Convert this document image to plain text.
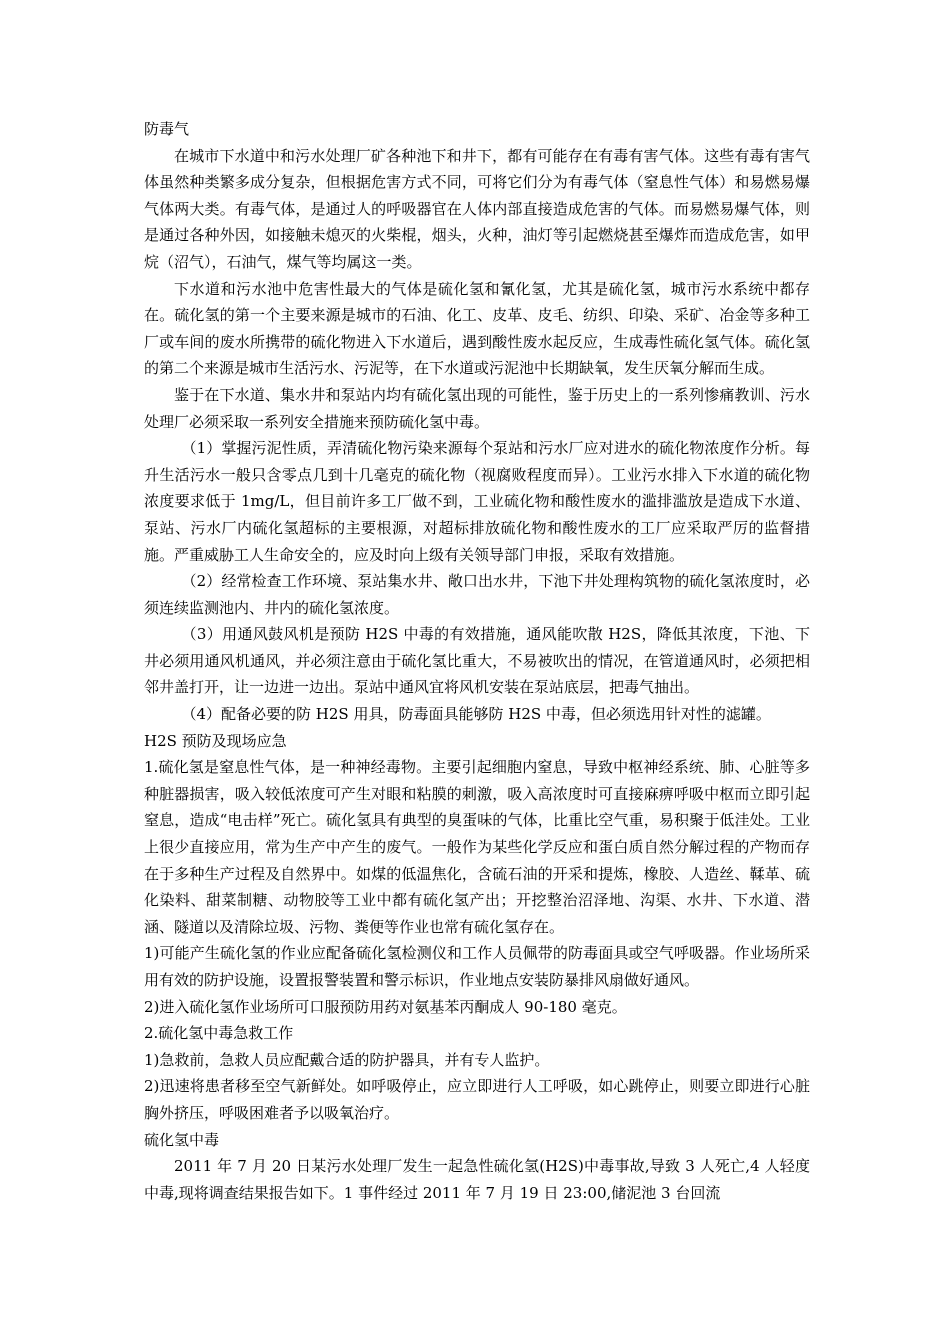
防毒气

在城市下水道中和污水处理厂矿各种池下和井下，都有可能存在有毒有害气体。这些有毒有害气体虽然种类繁多成分复杂，但根据危害方式不同，可将它们分为有毒气体（窒息性气体）和易燃易爆气体两大类。有毒气体，是通过人的呼吸器官在人体内部直接造成危害的气体。而易燃易爆气体，则是通过各种外因，如接触未熄灭的火柴棍，烟头，火种，油灯等引起燃烧甚至爆炸而造成危害，如甲烷（沼气），石油气，煤气等均属这一类。

下水道和污水池中危害性最大的气体是硫化氢和氰化氢，尤其是硫化氢，城市污水系统中都存在。硫化氢的第一个主要来源是城市的石油、化工、皮革、皮毛、纺织、印染、采矿、冶金等多种工厂或车间的废水所携带的硫化物进入下水道后，遇到酸性废水起反应，生成毒性硫化氢气体。硫化氢的第二个来源是城市生活污水、污泥等，在下水道或污泥池中长期缺氧，发生厌氧分解而生成。

鉴于在下水道、集水井和泵站内均有硫化氢出现的可能性，鉴于历史上的一系列惨痛教训、污水处理厂必须采取一系列安全措施来预防硫化氢中毒。

（1）掌握污泥性质，弄清硫化物污染来源每个泵站和污水厂应对进水的硫化物浓度作分析。每升生活污水一般只含零点几到十几毫克的硫化物（视腐败程度而异）。工业污水排入下水道的硫化物浓度要求低于 1mg/L，但目前许多工厂做不到，工业硫化物和酸性废水的滥排滥放是造成下水道、泵站、污水厂内硫化氢超标的主要根源，对超标排放硫化物和酸性废水的工厂应采取严厉的监督措施。严重威胁工人生命安全的，应及时向上级有关领导部门申报，采取有效措施。

（2）经常检查工作环境、泵站集水井、敞口出水井，下池下井处理构筑物的硫化氢浓度时，必须连续监测池内、井内的硫化氢浓度。

（3）用通风鼓风机是预防 H2S 中毒的有效措施，通风能吹散 H2S，降低其浓度，下池、下井必须用通风机通风，并必须注意由于硫化氢比重大，不易被吹出的情况，在管道通风时，必须把相邻井盖打开，让一边进一边出。泵站中通风宜将风机安装在泵站底层，把毒气抽出。

（4）配备必要的防 H2S 用具，防毒面具能够防 H2S 中毒，但必须选用针对性的滤罐。

H2S 预防及现场应急

1.硫化氢是窒息性气体，是一种神经毒物。主要引起细胞内窒息，导致中枢神经系统、肺、心脏等多种脏器损害，吸入较低浓度可产生对眼和粘膜的刺激，吸入高浓度时可直接麻痹呼吸中枢而立即引起窒息，造成“电击样”死亡。硫化氢具有典型的臭蛋味的气体，比重比空气重，易积聚于低洼处。工业上很少直接应用，常为生产中产生的废气。一般作为某些化学反应和蛋白质自然分解过程的产物而存在于多种生产过程及自然界中。如煤的低温焦化，含硫石油的开采和提炼，橡胶、人造丝、鞣革、硫化染料、甜菜制糖、动物胶等工业中都有硫化氢产出；开挖整治沼泽地、沟渠、水井、下水道、潜涵、隧道以及清除垃圾、污物、粪便等作业也常有硫化氢存在。

1)可能产生硫化氢的作业应配备硫化氢检测仪和工作人员佩带的防毒面具或空气呼吸器。作业场所采用有效的防护设施，设置报警装置和警示标识，作业地点安装防暴排风扇做好通风。

2)进入硫化氢作业场所可口服预防用药对氨基苯丙酮成人 90-180 毫克。

2.硫化氢中毒急救工作

1)急救前，急救人员应配戴合适的防护器具，并有专人监护。

2)迅速将患者移至空气新鲜处。如呼吸停止，应立即进行人工呼吸，如心跳停止，则要立即进行心脏胸外挤压，呼吸困难者予以吸氧治疗。

硫化氢中毒

2011 年 7 月 20 日某污水处理厂发生一起急性硫化氢(H2S)中毒事故,导致 3 人死亡,4 人轻度中毒,现将调查结果报告如下。1 事件经过 2011 年 7 月 19 日 23:00,储泥池 3 台回流
